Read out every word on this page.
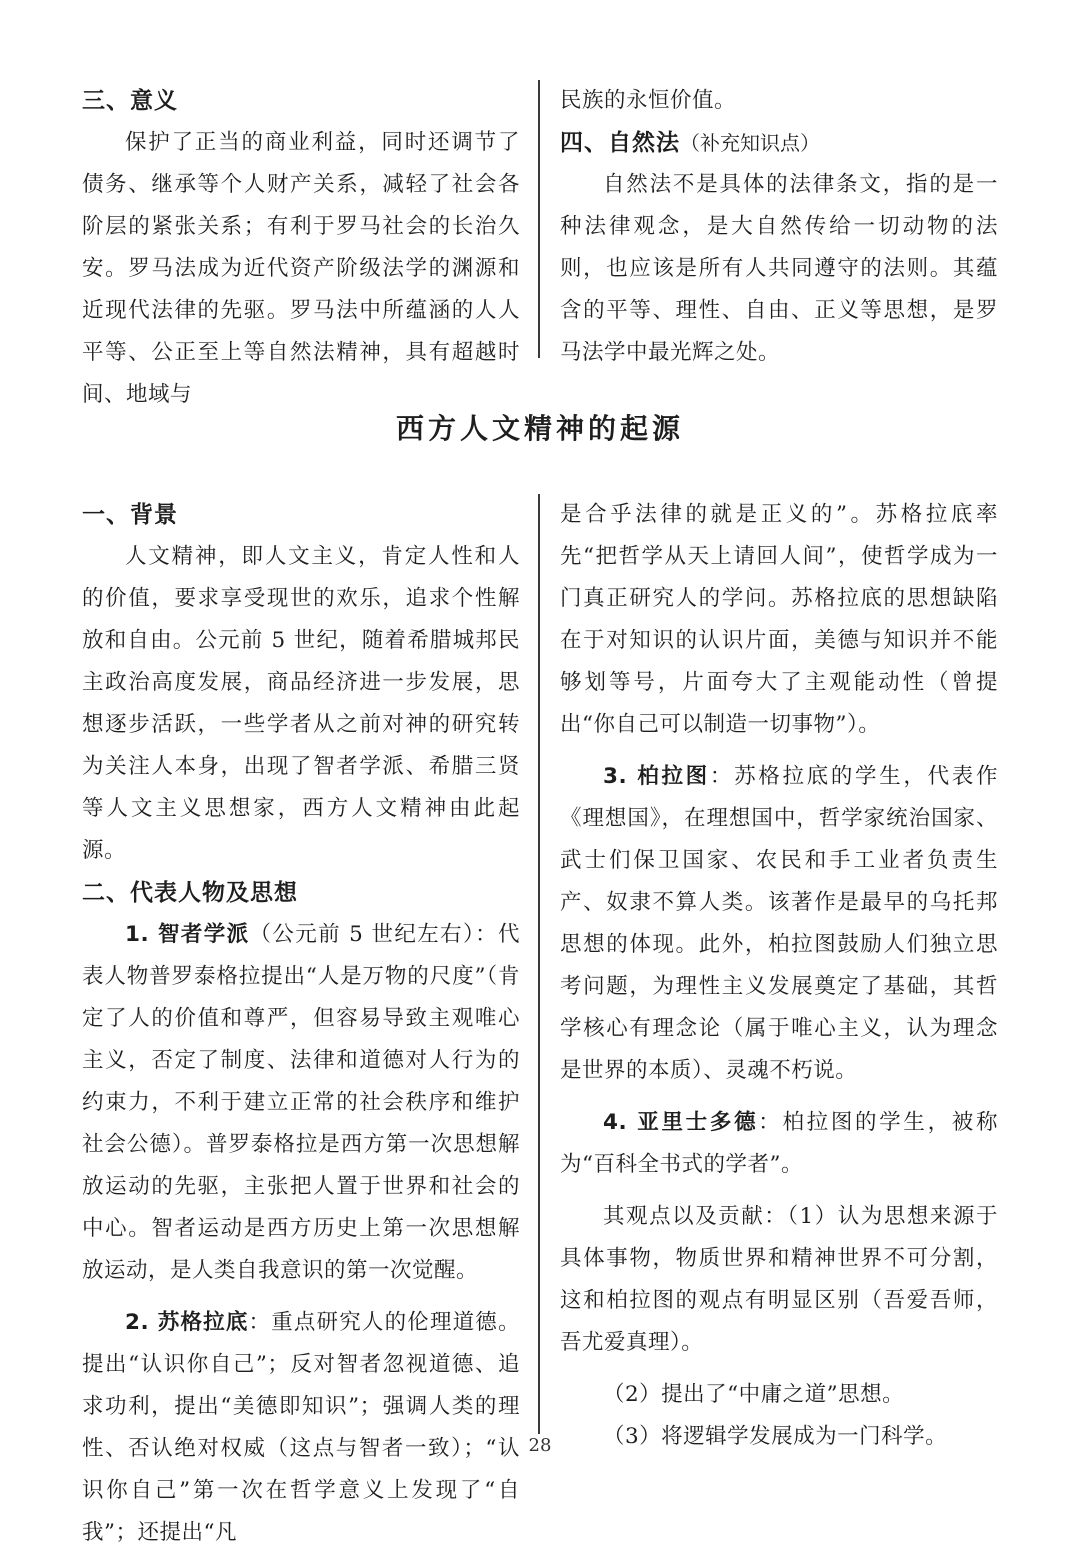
三、意义

保护了正当的商业利益，同时还调节了债务、继承等个人财产关系，减轻了社会各阶层的紧张关系；有利于罗马社会的长治久安。罗马法成为近代资产阶级法学的渊源和近现代法律的先驱。罗马法中所蕴涵的人人平等、公正至上等自然法精神，具有超越时间、地域与

民族的永恒价值。

四、自然法（补充知识点）

自然法不是具体的法律条文，指的是一种法律观念，是大自然传给一切动物的法则，也应该是所有人共同遵守的法则。其蕴含的平等、理性、自由、正义等思想，是罗马法学中最光辉之处。

西方人文精神的起源
一、背景

人文精神，即人文主义，肯定人性和人的价值，要求享受现世的欢乐，追求个性解放和自由。公元前 5 世纪，随着希腊城邦民主政治高度发展，商品经济进一步发展，思想逐步活跃，一些学者从之前对神的研究转为关注人本身，出现了智者学派、希腊三贤等人文主义思想家，西方人文精神由此起源。

二、代表人物及思想

1. 智者学派（公元前 5 世纪左右）：代表人物普罗泰格拉提出“人是万物的尺度”（肯定了人的价值和尊严，但容易导致主观唯心主义，否定了制度、法律和道德对人行为的约束力，不利于建立正常的社会秩序和维护社会公德）。普罗泰格拉是西方第一次思想解放运动的先驱，主张把人置于世界和社会的中心。智者运动是西方历史上第一次思想解放运动，是人类自我意识的第一次觉醒。

2. 苏格拉底：重点研究人的伦理道德。提出“认识你自己”；反对智者忽视道德、追求功利，提出“美德即知识”；强调人类的理性、否认绝对权威（这点与智者一致）；“认识你自己”第一次在哲学意义上发现了“自我”；还提出“凡

是合乎法律的就是正义的”。苏格拉底率先“把哲学从天上请回人间”，使哲学成为一门真正研究人的学问。苏格拉底的思想缺陷在于对知识的认识片面，美德与知识并不能够划等号，片面夸大了主观能动性（曾提出“你自己可以制造一切事物”）。

3. 柏拉图：苏格拉底的学生，代表作《理想国》，在理想国中，哲学家统治国家、武士们保卫国家、农民和手工业者负责生产、奴隶不算人类。该著作是最早的乌托邦思想的体现。此外，柏拉图鼓励人们独立思考问题，为理性主义发展奠定了基础，其哲学核心有理念论（属于唯心主义，认为理念是世界的本质）、灵魂不朽说。

4. 亚里士多德：柏拉图的学生，被称为“百科全书式的学者”。

其观点以及贡献：（1）认为思想来源于具体事物，物质世界和精神世界不可分割，这和柏拉图的观点有明显区别（吾爱吾师，吾尤爱真理）。

（2）提出了“中庸之道”思想。

（3）将逻辑学发展成为一门科学。

28
